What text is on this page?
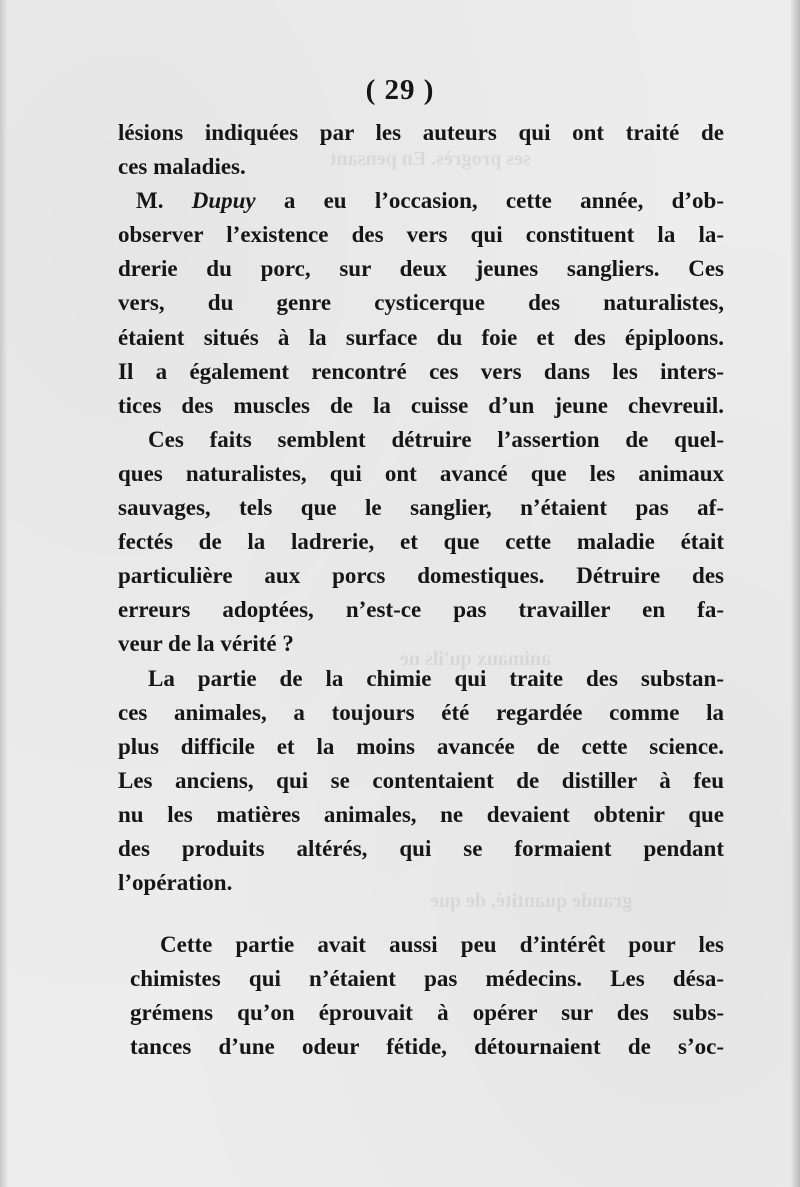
ses progrès. En pensant
animaux qu'ils ne
grande quantité, de que
( 29 )
lésions indiquées par les auteurs qui ont traité de
ces maladies.
M. Dupuy a eu l’occasion, cette année, d’ob-
observer l’existence des vers qui constituent la la-
drerie du porc, sur deux jeunes sangliers. Ces
vers, du genre cysticerque des naturalistes,
étaient situés à la surface du foie et des épiploons.
Il a également rencontré ces vers dans les inters-
tices des muscles de la cuisse d’un jeune chevreuil.
Ces faits semblent détruire l’assertion de quel-
ques naturalistes, qui ont avancé que les animaux
sauvages, tels que le sanglier, n’étaient pas af-
fectés de la ladrerie, et que cette maladie était
particulière aux porcs domestiques. Détruire des
erreurs adoptées, n’est-ce pas travailler en fa-
veur de la vérité ?
La partie de la chimie qui traite des substan-
ces animales, a toujours été regardée comme la
plus difficile et la moins avancée de cette science.
Les anciens, qui se contentaient de distiller à feu
nu les matières animales, ne devaient obtenir que
des produits altérés, qui se formaient pendant
l’opération.
Cette partie avait aussi peu d’intérêt pour les
chimistes qui n’étaient pas médecins. Les désa-
grémens qu’on éprouvait à opérer sur des subs-
tances d’une odeur fétide, détournaient de s’oc-
